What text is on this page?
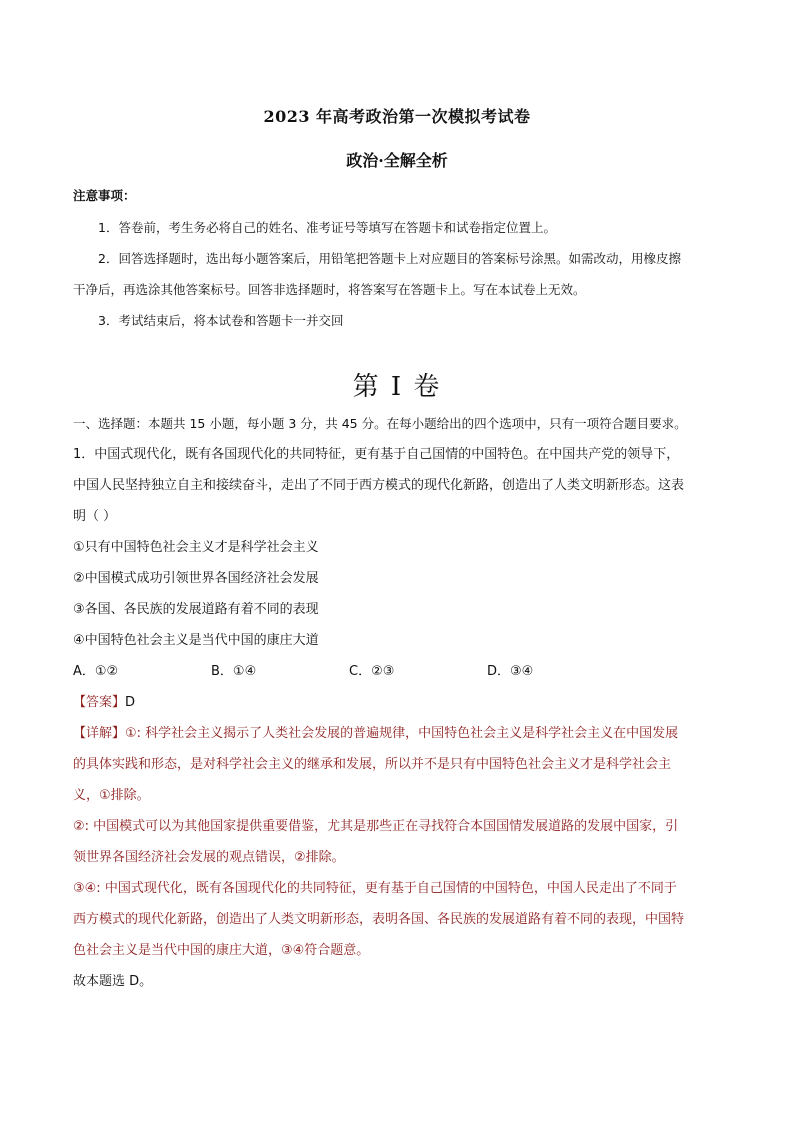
2023 年高考政治第一次模拟考试卷
政治·全解全析
注意事项：

1．答卷前，考生务必将自己的姓名、准考证号等填写在答题卡和试卷指定位置上。

2．回答选择题时，选出每小题答案后，用铅笔把答题卡上对应题目的答案标号涂黑。如需改动，用橡皮擦干净后，再选涂其他答案标号。回答非选择题时，将答案写在答题卡上。写在本试卷上无效。

3．考试结束后，将本试卷和答题卡一并交回

第 I 卷

一、选择题：本题共 15 小题，每小题 3 分，共 45 分。在每小题给出的四个选项中，只有一项符合题目要求。

1．中国式现代化，既有各国现代化的共同特征，更有基于自己国情的中国特色。在中国共产党的领导下，中国人民坚持独立自主和接续奋斗，走出了不同于西方模式的现代化新路，创造出了人类文明新形态。这表明（ ）

①只有中国特色社会主义才是科学社会主义

②中国模式成功引领世界各国经济社会发展

③各国、各民族的发展道路有着不同的表现

④中国特色社会主义是当代中国的康庄大道

A．①②	B．①④	C．②③	D．③④

【答案】D

【详解】①: 科学社会主义揭示了人类社会发展的普遍规律，中国特色社会主义是科学社会主义在中国发展的具体实践和形态，是对科学社会主义的继承和发展，所以并不是只有中国特色社会主义才是科学社会主义，①排除。

②: 中国模式可以为其他国家提供重要借鉴，尤其是那些正在寻找符合本国国情发展道路的发展中国家，引领世界各国经济社会发展的观点错误，②排除。

③④: 中国式现代化，既有各国现代化的共同特征，更有基于自己国情的中国特色，中国人民走出了不同于西方模式的现代化新路，创造出了人类文明新形态，表明各国、各民族的发展道路有着不同的表现，中国特色社会主义是当代中国的康庄大道，③④符合题意。

故本题选 D。
